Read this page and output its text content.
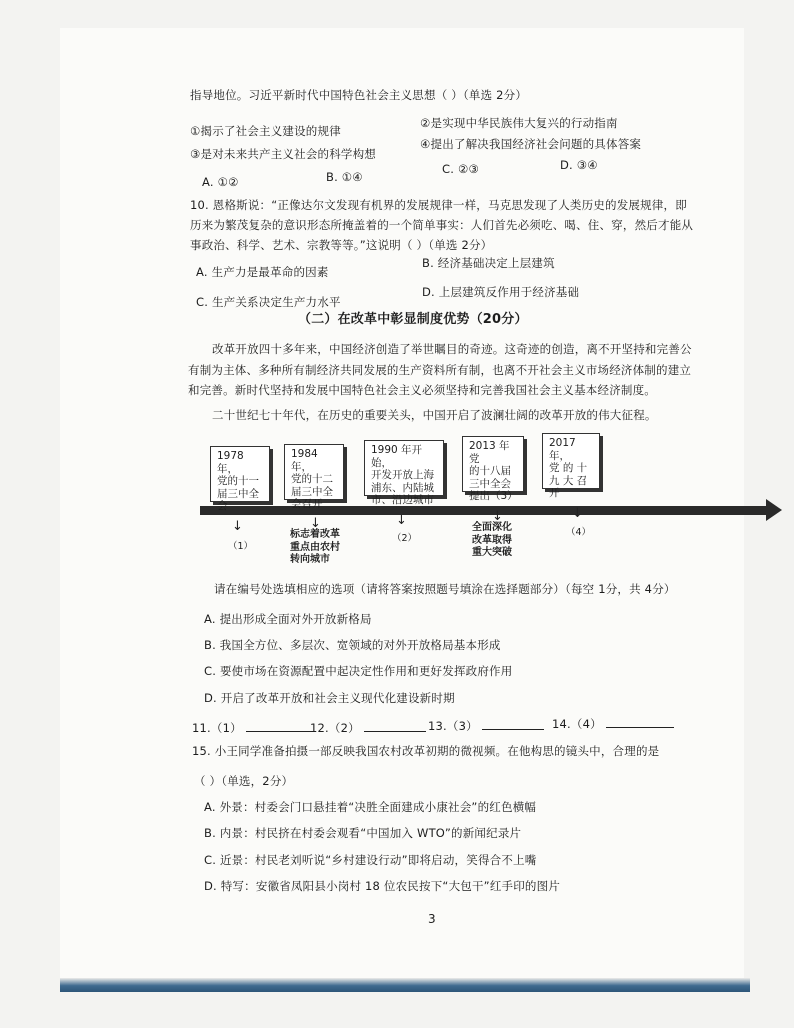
指导地位。习近平新时代中国特色社会主义思想（ ）（单选 2分）
①揭示了社会主义建设的规律
②是实现中华民族伟大复兴的行动指南
③是对未来共产主义社会的科学构想
④提出了解决我国经济社会问题的具体答案
A. ①②	B. ①④
C. ②③	D. ③④
10. 恩格斯说：“正像达尔文发现有机界的发展规律一样，马克思发现了人类历史的发展规律，即
历来为繁茂复杂的意识形态所掩盖着的一个简单事实：人们首先必须吃、喝、住、穿，然后才能从
事政治、科学、艺术、宗教等等。”这说明（ ）（单选 2分）
A. 生产力是最革命的因素
B. 经济基础决定上层建筑
C. 生产关系决定生产力水平
D. 上层建筑反作用于经济基础
（二）在改革中彰显制度优势（20分）
改革开放四十多年来，中国经济创造了举世瞩目的奇迹。这奇迹的创造，离不开坚持和完善公
有制为主体、多种所有制经济共同发展的生产资料所有制，也离不开社会主义市场经济体制的建立
和完善。新时代坚持和发展中国特色社会主义必须坚持和完善我国社会主义基本经济制度。
二十世纪七十年代，在历史的重要关头，中国开启了波澜壮阔的改革开放的伟大征程。
1978 年，
党的十一
届三中全
会
1984 年，
党的十二
届三中全
会召开
1990 年开始，
开发开放上海
浦东、内陆城
市、沿边城市
2013 年党
的十八届
三中全会
提出（3）
2017 年，
党 的 十
九 大 召
开
↓
（1）
↓
标志着改革
重点由农村
转向城市
↓
（2）
↓
全面深化
改革取得
重大突破
↓
（4）
请在编号处选填相应的选项（请将答案按照题号填涂在选择题部分）（每空 1分，共 4分）
A. 提出形成全面对外开放新格局
B. 我国全方位、多层次、宽领域的对外开放格局基本形成
C. 要使市场在资源配置中起决定性作用和更好发挥政府作用
D. 开启了改革开放和社会主义现代化建设新时期
11.（1）	12.（2）	13.（3）	14.（4）
15. 小王同学准备拍摄一部反映我国农村改革初期的微视频。在他构思的镜头中，合理的是
（ ）（单选，2分）
A. 外景：村委会门口悬挂着“决胜全面建成小康社会”的红色横幅
B. 内景：村民挤在村委会观看“中国加入 WTO”的新闻纪录片
C. 近景：村民老刘听说“乡村建设行动”即将启动，笑得合不上嘴
D. 特写：安徽省凤阳县小岗村 18 位农民按下“大包干”红手印的图片
3
